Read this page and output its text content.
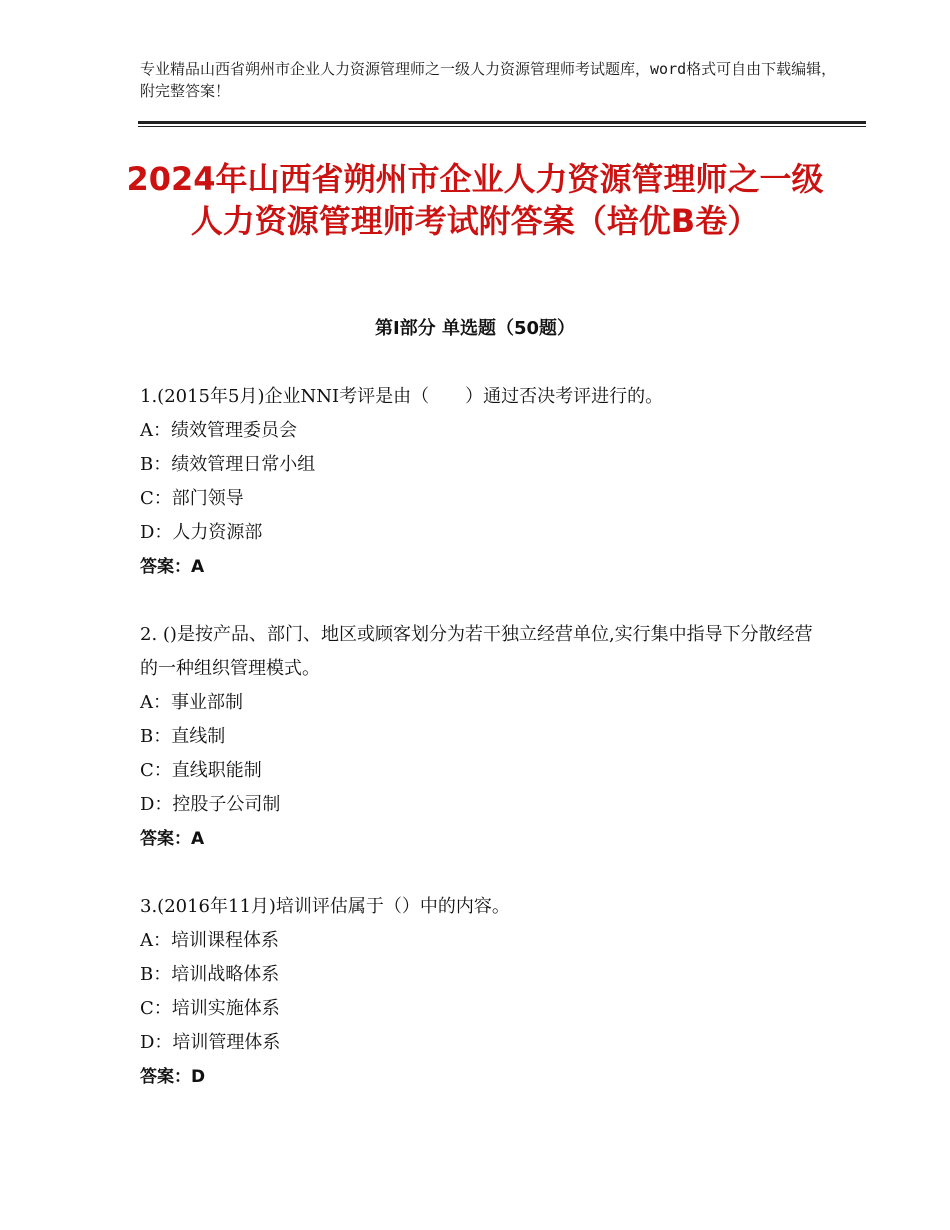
专业精品山西省朔州市企业人力资源管理师之一级人力资源管理师考试题库，word格式可自由下载编辑，附完整答案！
2024年山西省朔州市企业人力资源管理师之一级人力资源管理师考试附答案（培优B卷）
第Ⅰ部分 单选题（50题）

1.(2015年5月)企业NNI考评是由（　　）通过否决考评进行的。

A：绩效管理委员会

B：绩效管理日常小组

C：部门领导

D：人力资源部

答案：A

2. ()是按产品、部门、地区或顾客划分为若干独立经营单位,实行集中指导下分散经营的一种组织管理模式。

A：事业部制

B：直线制

C：直线职能制

D：控股子公司制

答案：A

3.(2016年11月)培训评估属于（）中的内容。

A：培训课程体系

B：培训战略体系

C：培训实施体系

D：培训管理体系

答案：D
